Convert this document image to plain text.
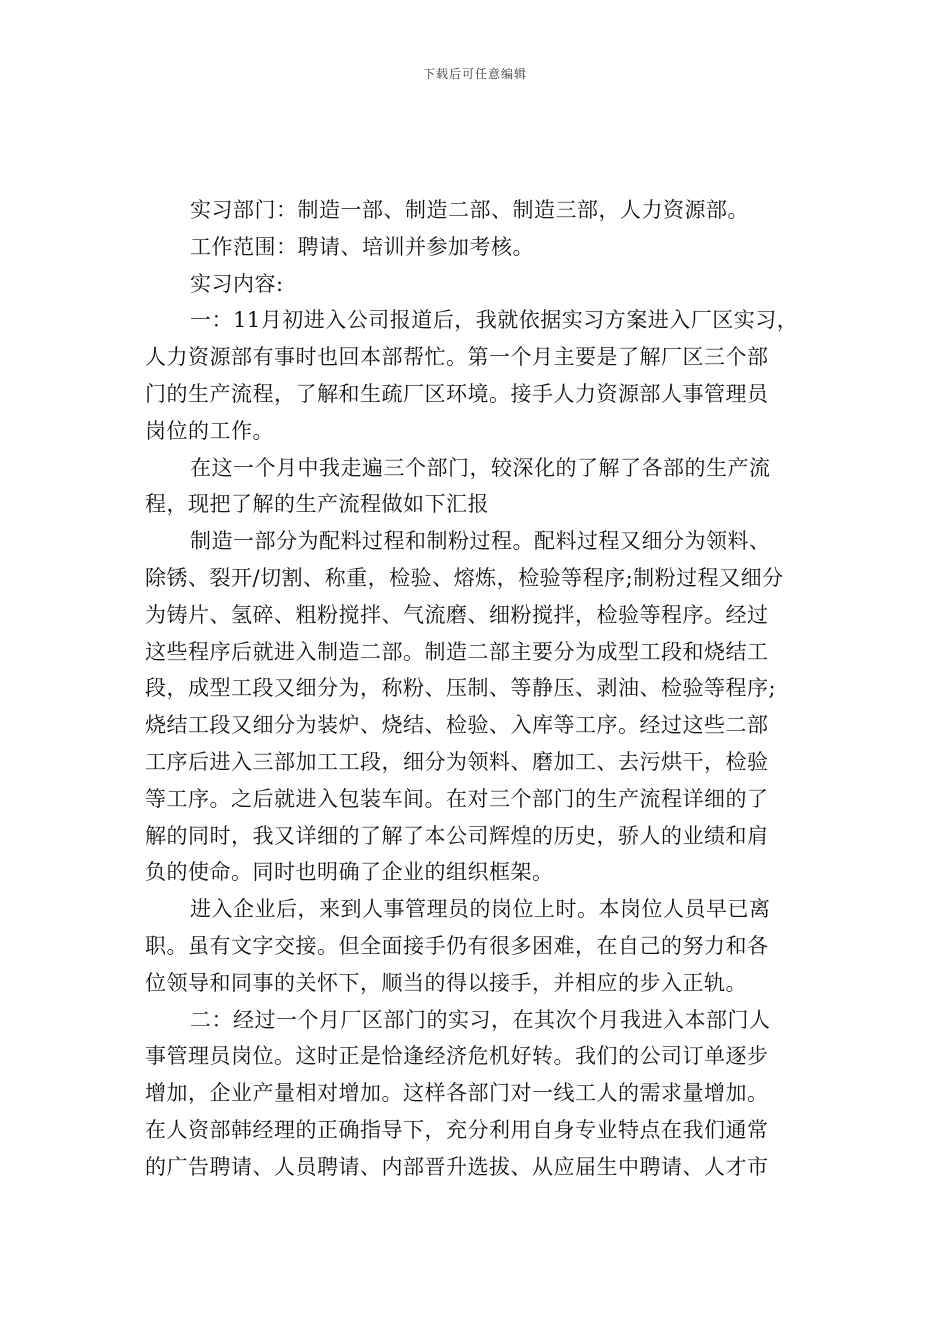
下载后可任意编辑
实习部门：制造一部、制造二部、制造三部，人力资源部。
工作范围：聘请、培训并参加考核。
实习内容:
一：11月初进入公司报道后，我就依据实习方案进入厂区实习，
人力资源部有事时也回本部帮忙。第一个月主要是了解厂区三个部
门的生产流程，了解和生疏厂区环境。接手人力资源部人事管理员
岗位的工作。
在这一个月中我走遍三个部门，较深化的了解了各部的生产流
程，现把了解的生产流程做如下汇报
制造一部分为配料过程和制粉过程。配料过程又细分为领料、
除锈、裂开/切割、称重，检验、熔炼，检验等程序;制粉过程又细分
为铸片、氢碎、粗粉搅拌、气流磨、细粉搅拌，检验等程序。经过
这些程序后就进入制造二部。制造二部主要分为成型工段和烧结工
段，成型工段又细分为，称粉、压制、等静压、剥油、检验等程序;
烧结工段又细分为装炉、烧结、检验、入库等工序。经过这些二部
工序后进入三部加工工段，细分为领料、磨加工、去污烘干，检验
等工序。之后就进入包装车间。在对三个部门的生产流程详细的了
解的同时，我又详细的了解了本公司辉煌的历史，骄人的业绩和肩
负的使命。同时也明确了企业的组织框架。
进入企业后，来到人事管理员的岗位上时。本岗位人员早已离
职。虽有文字交接。但全面接手仍有很多困难，在自己的努力和各
位领导和同事的关怀下，顺当的得以接手，并相应的步入正轨。
二：经过一个月厂区部门的实习，在其次个月我进入本部门人
事管理员岗位。这时正是恰逢经济危机好转。我们的公司订单逐步
增加，企业产量相对增加。这样各部门对一线工人的需求量增加。
在人资部韩经理的正确指导下，充分利用自身专业特点在我们通常
的广告聘请、人员聘请、内部晋升选拔、从应届生中聘请、人才市
